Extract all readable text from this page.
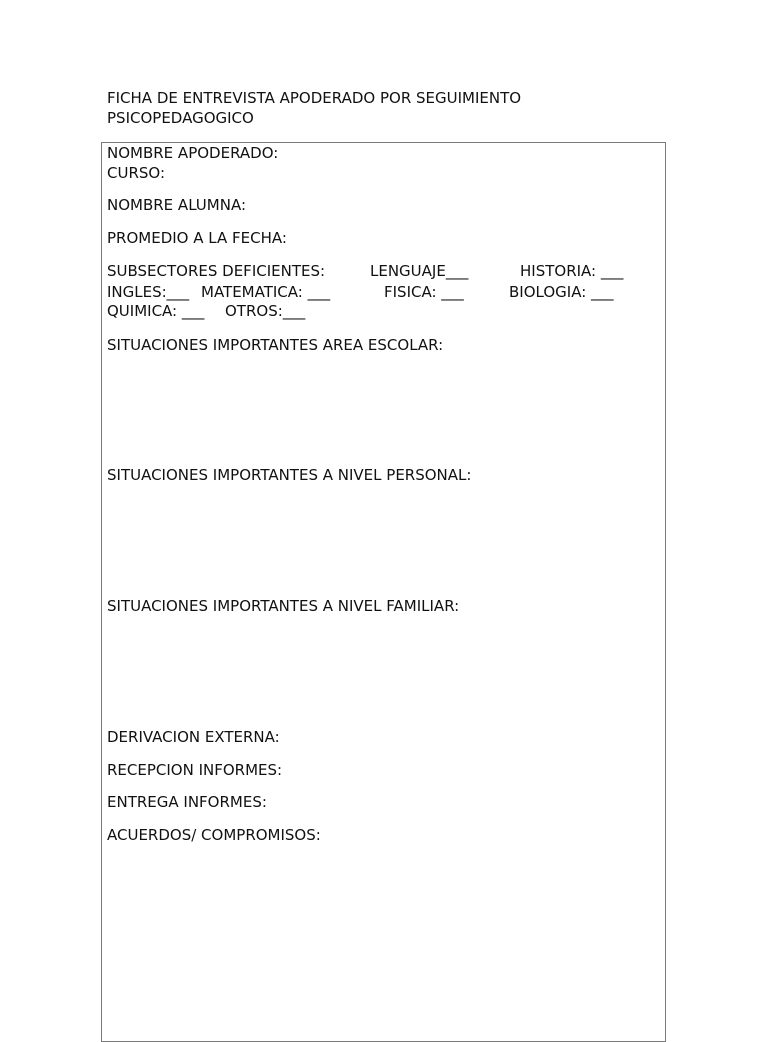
FICHA DE ENTREVISTA APODERADO POR SEGUIMIENTO
PSICOPEDAGOGICO
NOMBRE APODERADO:
CURSO:
NOMBRE ALUMNA:
PROMEDIO A LA FECHA:
SUBSECTORES DEFICIENTES:	LENGUAJE___	HISTORIA: ___
INGLES:___ MATEMATICA: ___	FISICA: ___	BIOLOGIA: ___
QUIMICA: ___ OTROS:___
SITUACIONES IMPORTANTES AREA ESCOLAR:
SITUACIONES IMPORTANTES A NIVEL PERSONAL:
SITUACIONES IMPORTANTES A NIVEL FAMILIAR:
DERIVACION EXTERNA:
RECEPCION INFORMES:
ENTREGA INFORMES:
ACUERDOS/ COMPROMISOS:
